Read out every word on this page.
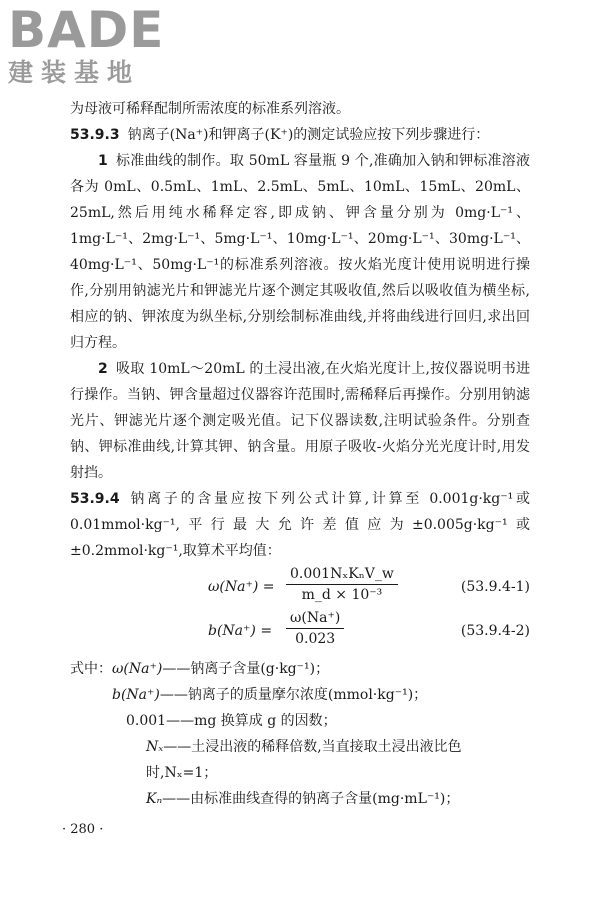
BADE
建装基地

为母液可稀释配制所需浓度的标准系列溶液。

53.9.3 钠离子(Na⁺)和钾离子(K⁺)的测定试验应按下列步骤进行：

1 标准曲线的制作。取 50mL 容量瓶 9 个,准确加入钠和钾标准溶液各为 0mL、0.5mL、1mL、2.5mL、5mL、10mL、15mL、20mL、25mL,然后用纯水稀释定容,即成钠、钾含量分别为 0mg·L⁻¹、1mg·L⁻¹、2mg·L⁻¹、5mg·L⁻¹、10mg·L⁻¹、20mg·L⁻¹、30mg·L⁻¹、40mg·L⁻¹、50mg·L⁻¹的标准系列溶液。按火焰光度计使用说明进行操作,分别用钠滤光片和钾滤光片逐个测定其吸收值,然后以吸收值为横坐标,相应的钠、钾浓度为纵坐标,分别绘制标准曲线,并将曲线进行回归,求出回归方程。

2 吸取 10mL～20mL 的土浸出液,在火焰光度计上,按仪器说明书进行操作。当钠、钾含量超过仪器容许范围时,需稀释后再操作。分别用钠滤光片、钾滤光片逐个测定吸光值。记下仪器读数,注明试验条件。分别查钠、钾标准曲线,计算其钾、钠含量。用原子吸收-火焰分光光度计时,用发射挡。

53.9.4 钠离子的含量应按下列公式计算,计算至 0.001g·kg⁻¹或 0.01mmol·kg⁻¹,平行最大允许差值应为±0.005g·kg⁻¹或±0.2mmol·kg⁻¹,取算术平均值：

ω(Na⁺) =
0.001NₓKₙV_w
m_d × 10⁻³	(53.9.4-1)
$b(Na^+) = \frac{\omega(Na^+)}{0.023}$	(53.9.4-2)
式中：ω(Na⁺)——钠离子含量(g·kg⁻¹)；
b(Na⁺)——钠离子的质量摩尔浓度(mmol·kg⁻¹)；
0.001——mg 换算成 g 的因数；
Nₓ——土浸出液的稀释倍数,当直接取土浸出液比色时,Nₓ=1；
Kₙ——由标准曲线查得的钠离子含量(mg·mL⁻¹)；
· 280 ·
